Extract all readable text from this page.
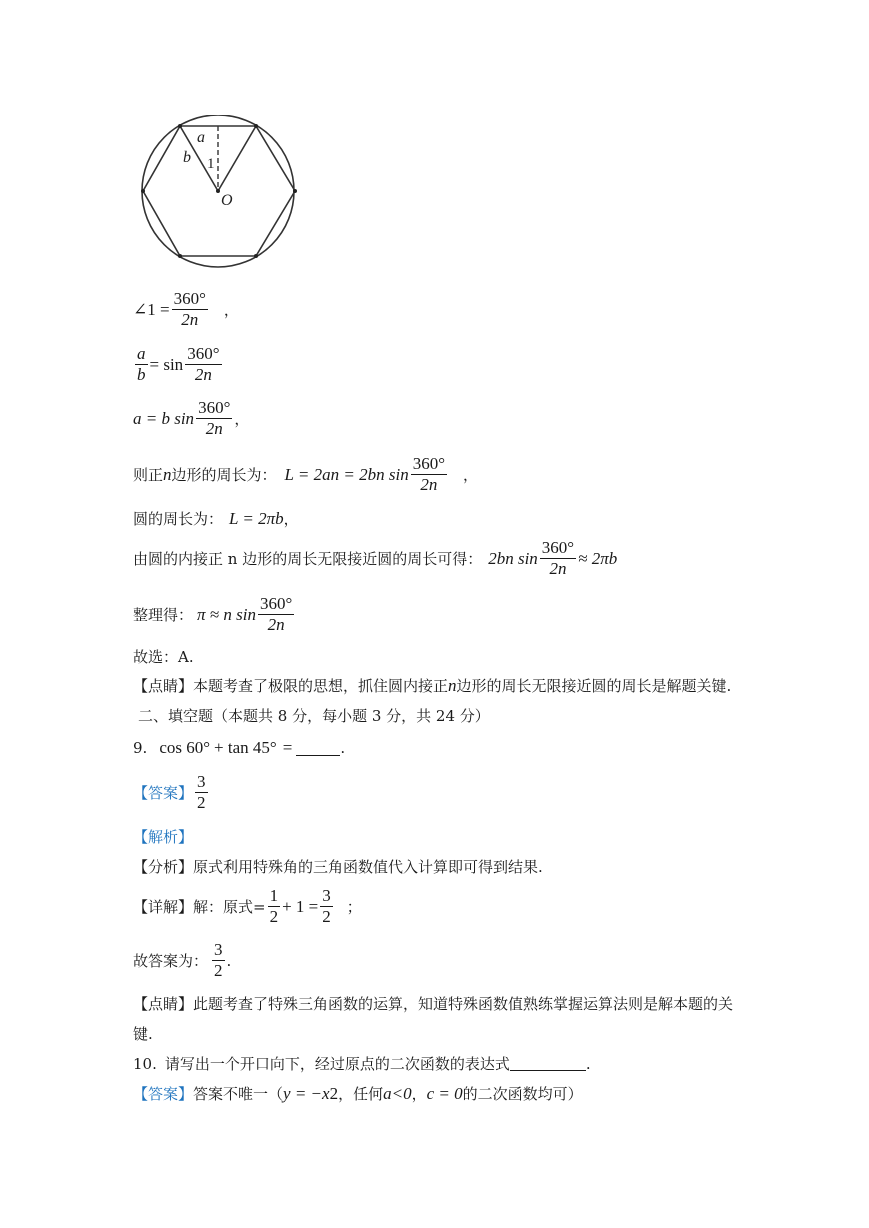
a
b 1
O
∠1 = $\frac{360^\circ}{2n}$ ，
$\frac{a}{b} = \sin \frac{360^\circ}{2n}$
a = b $\sin \frac{360^\circ}{2n}$ ，
则正 n 边形的周长为： L = 2an = 2bn $\sin \frac{360^\circ}{2n}$ ，
圆的周长为： L = 2πb ，
由圆的内接正 n 边形的周长无限接近圆的周长可得： 2bn $\sin \frac{360^\circ}{2n} \approx 2\pi b$
整理得： π ≈ n $\sin \frac{360^\circ}{2n}$
故选：A.
【点睛】 本题考查了极限的思想，抓住圆内接正 n 边形的周长无限接近圆的周长是解题关键.
二、填空题（本题共 8 分，每小题 3 分，共 24 分）
9. cos 60 ° + tan 45 ° =	.
【答案】 $\frac{3}{2}$
【解析】
【分析】 原式利用特殊角的三角函数值代入计算即可得到结果.
【详解】 解：原式= $\frac{1}{2} + 1 = \frac{3}{2}$ ；
故答案为： $\frac{3}{2}$ .
【点睛】 此题考查了特殊三角函数的运算，知道特殊函数值熟练掌握运算法则是解本题的关
键.
10. 请写出一个开口向下，经过原点的二次函数的表达式	.
【答案】 答案不唯一（ y = −x 2 ，任何 a<0 ， c = 0 的二次函数均可）
